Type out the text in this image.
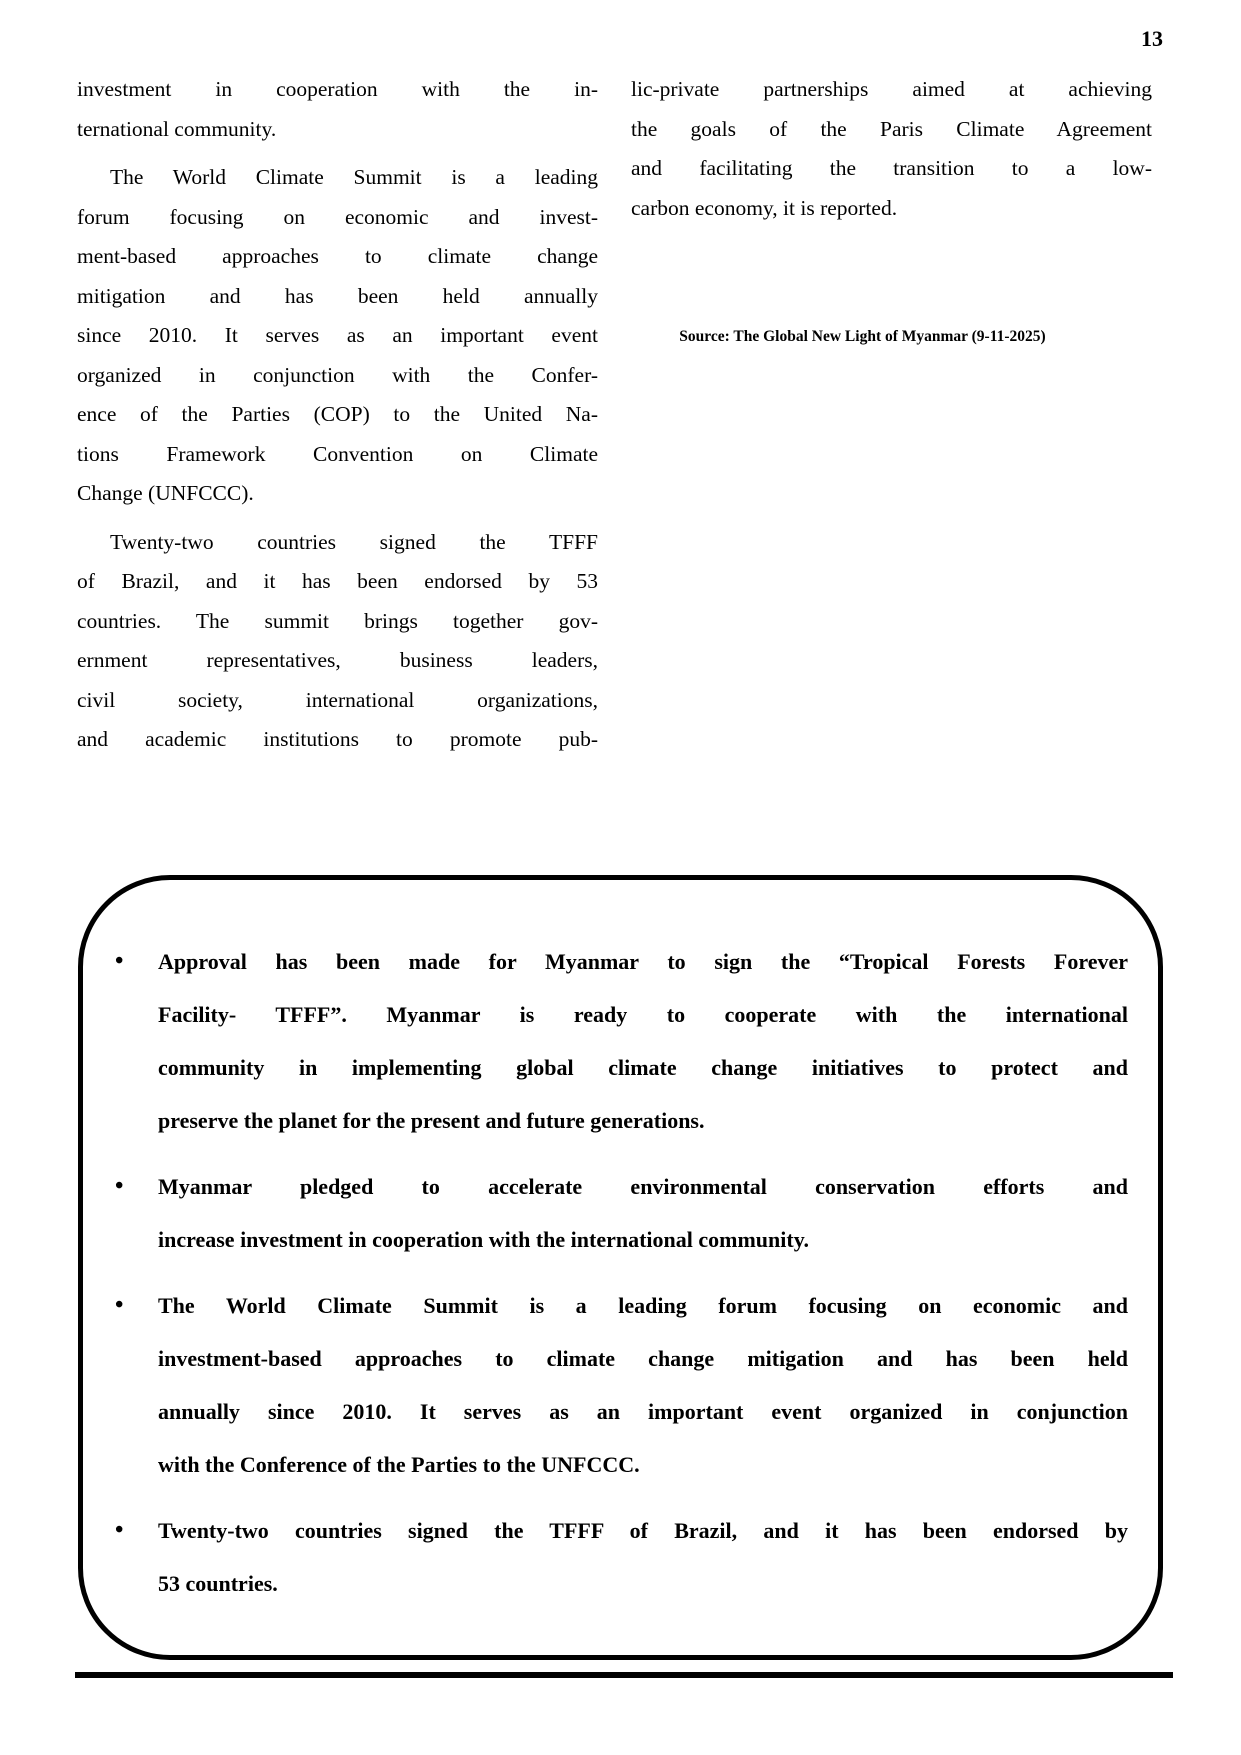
13

investment in cooperation with the in-
ternational community.

The World Climate Summit is a leading
forum focusing on economic and invest-
ment-based approaches to climate change
mitigation and has been held annually
since 2010. It serves as an important event
organized in conjunction with the Confer-
ence of the Parties (COP) to the United Na-
tions Framework Convention on Climate
Change (UNFCCC).

Twenty-two countries signed the TFFF
of Brazil, and it has been endorsed by 53
countries. The summit brings together gov-
ernment representatives, business leaders,
civil society, international organizations,
and academic institutions to promote pub-

lic-private partnerships aimed at achieving
the goals of the Paris Climate Agreement
and facilitating the transition to a low-
carbon economy, it is reported.

Source: The Global New Light of Myanmar (9-11-2025)
• Approval has been made for Myanmar to sign the “Tropical Forests Forever
Facility- TFFF”. Myanmar is ready to cooperate with the international
community in implementing global climate change initiatives to protect and
preserve the planet for the present and future generations.
• Myanmar pledged to accelerate environmental conservation efforts and
increase investment in cooperation with the international community.
• The World Climate Summit is a leading forum focusing on economic and
investment-based approaches to climate change mitigation and has been held
annually since 2010. It serves as an important event organized in conjunction
with the Conference of the Parties to the UNFCCC.
• Twenty-two countries signed the TFFF of Brazil, and it has been endorsed by
53 countries.
